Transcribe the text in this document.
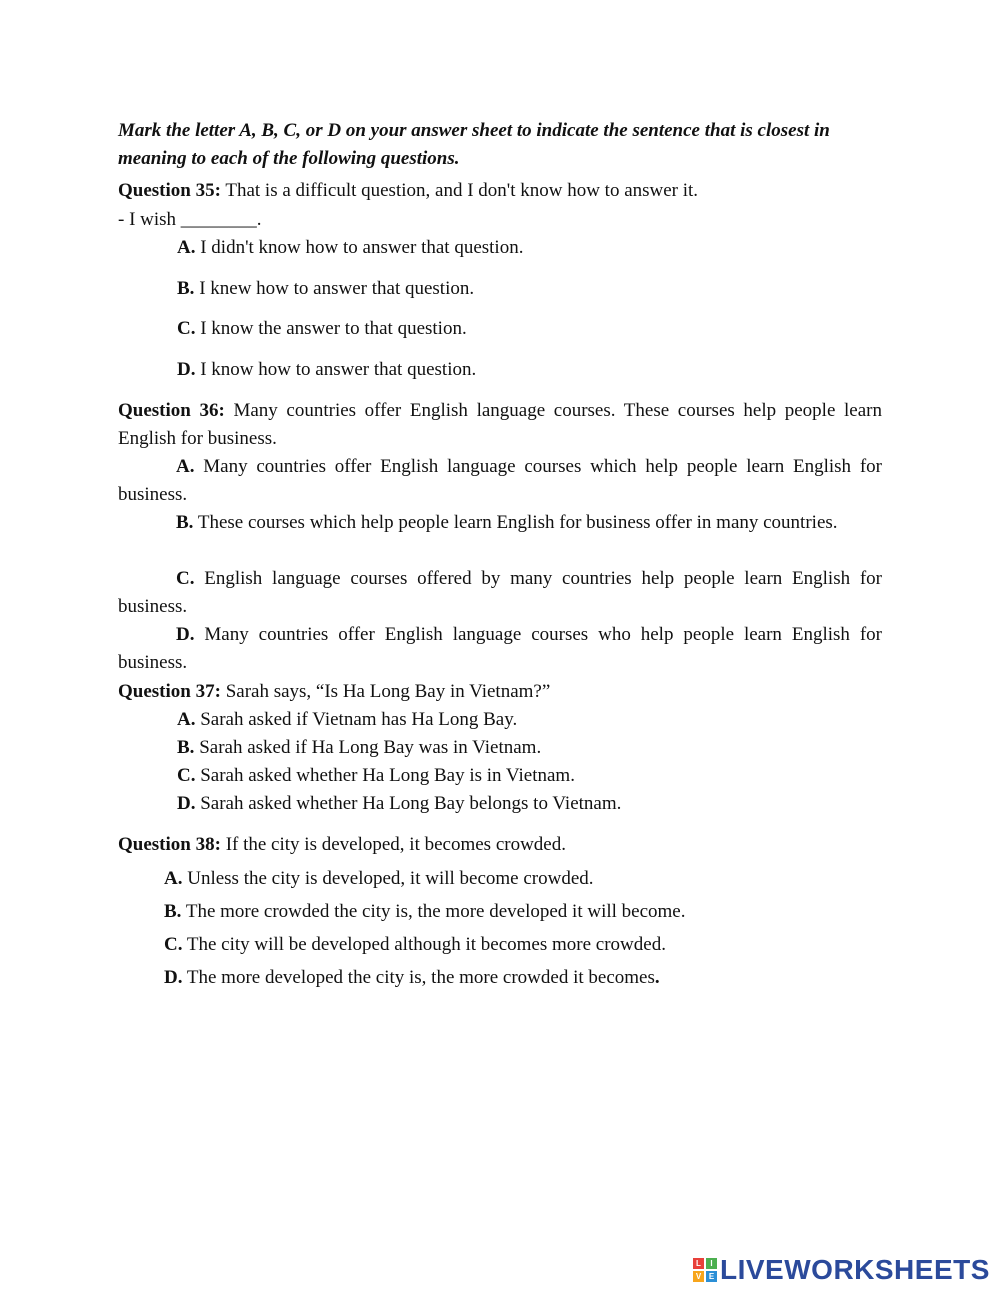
Mark the letter A, B, C, or D on your answer sheet to indicate the sentence that is closest in meaning to each of the following questions.
Question 35: That is a difficult question, and I don't know how to answer it.
- I wish ________.
A. I didn't know how to answer that question.
B. I knew how to answer that question.
C. I know the answer to that question.
D. I know how to answer that question.
Question 36: Many countries offer English language courses. These courses help people learn English for business.
A. Many countries offer English language courses which help people learn English for business.
B. These courses which help people learn English for business offer in many countries.
C. English language courses offered by many countries help people learn English for business.
D. Many countries offer English language courses who help people learn English for business.
Question 37: Sarah says, “Is Ha Long Bay in Vietnam?”
A. Sarah asked if Vietnam has Ha Long Bay.
B. Sarah asked if Ha Long Bay was in Vietnam.
C. Sarah asked whether Ha Long Bay is in Vietnam.
D. Sarah asked whether Ha Long Bay belongs to Vietnam.
Question 38: If the city is developed, it becomes crowded.
A. Unless the city is developed, it will become crowded.
B. The more crowded the city is, the more developed it will become.
C. The city will be developed although it becomes more crowded.
D. The more developed the city is, the more crowded it becomes.
L	I
V E LIVEWORKSHEETS
